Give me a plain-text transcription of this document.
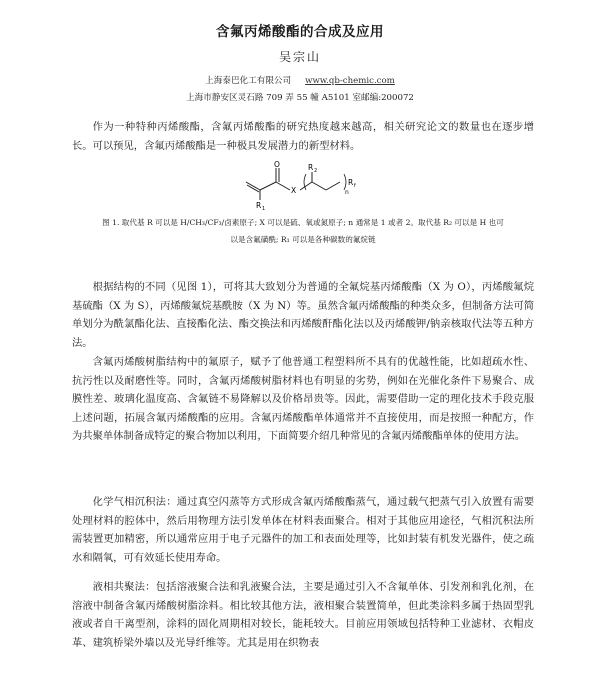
含氟丙烯酸酯的合成及应用
吴宗山
上海泰巴化工有限公司 www.qb-chemic.com
上海市静安区灵石路 709 弄 55 幢 A5101 室邮编:200072

作为一种特种丙烯酸酯，含氟丙烯酸酯的研究热度越来越高，相关研究论文的数量也在逐步增长。可以预见，含氟丙烯酸酯是一种极具发展潜力的新型材料。

O
X
R 2
n
R f
R 1
图 1. 取代基 R 可以是 H/CH₃/CF₃/卤素原子; X 可以是硫、氧或氮原子; n 通常是 1 或者 2。取代基 R₂ 可以是 H 也可
以是含氟磺酰; R₁ 可以是各种碳数的氟烷链

根据结构的不同（见图 1），可将其大致划分为普通的全氟烷基丙烯酸酯（X 为 O），丙烯酸氟烷基硫酯（X 为 S），丙烯酸氟烷基酰胺（X 为 N）等。虽然含氟丙烯酸酯的种类众多，但制备方法可简单划分为酰氯酯化法、直接酯化法、酯交换法和丙烯酸酐酯化法以及丙烯酸钾/钠亲核取代法等五种方法。

含氟丙烯酸树脂结构中的氟原子，赋予了他普通工程塑料所不具有的优越性能，比如超疏水性、抗污性以及耐磨性等。同时，含氟丙烯酸树脂材料也有明显的劣势，例如在光催化条件下易聚合、成膜性差、玻璃化温度高、含氟链不易降解以及价格昂贵等。因此，需要借助一定的理化技术手段克服上述问题，拓展含氟丙烯酸酯的应用。含氟丙烯酸酯单体通常并不直接使用，而是按照一种配方，作为共聚单体制备成特定的聚合物加以利用，下面简要介绍几种常见的含氟丙烯酸酯单体的使用方法。

化学气相沉积法：通过真空闪蒸等方式形成含氟丙烯酸酯蒸气，通过载气把蒸气引入放置有需要处理材料的腔体中，然后用物理方法引发单体在材料表面聚合。相对于其他应用途径，气相沉积法所需装置更加精密，所以通常应用于电子元器件的加工和表面处理等，比如封装有机发光器件，使之疏水和隔氧，可有效延长使用寿命。

液相共聚法：包括溶液聚合法和乳液聚合法，主要是通过引入不含氟单体、引发剂和乳化剂，在溶液中制备含氟丙烯酸树脂涂料。相比较其他方法，液相聚合装置简单，但此类涂料多属于热固型乳液或者自干离型剂，涂料的固化周期相对较长，能耗较大。目前应用领域包括特种工业滤材、衣帽皮革、建筑桥梁外墙以及光导纤维等。尤其是用在织物表
